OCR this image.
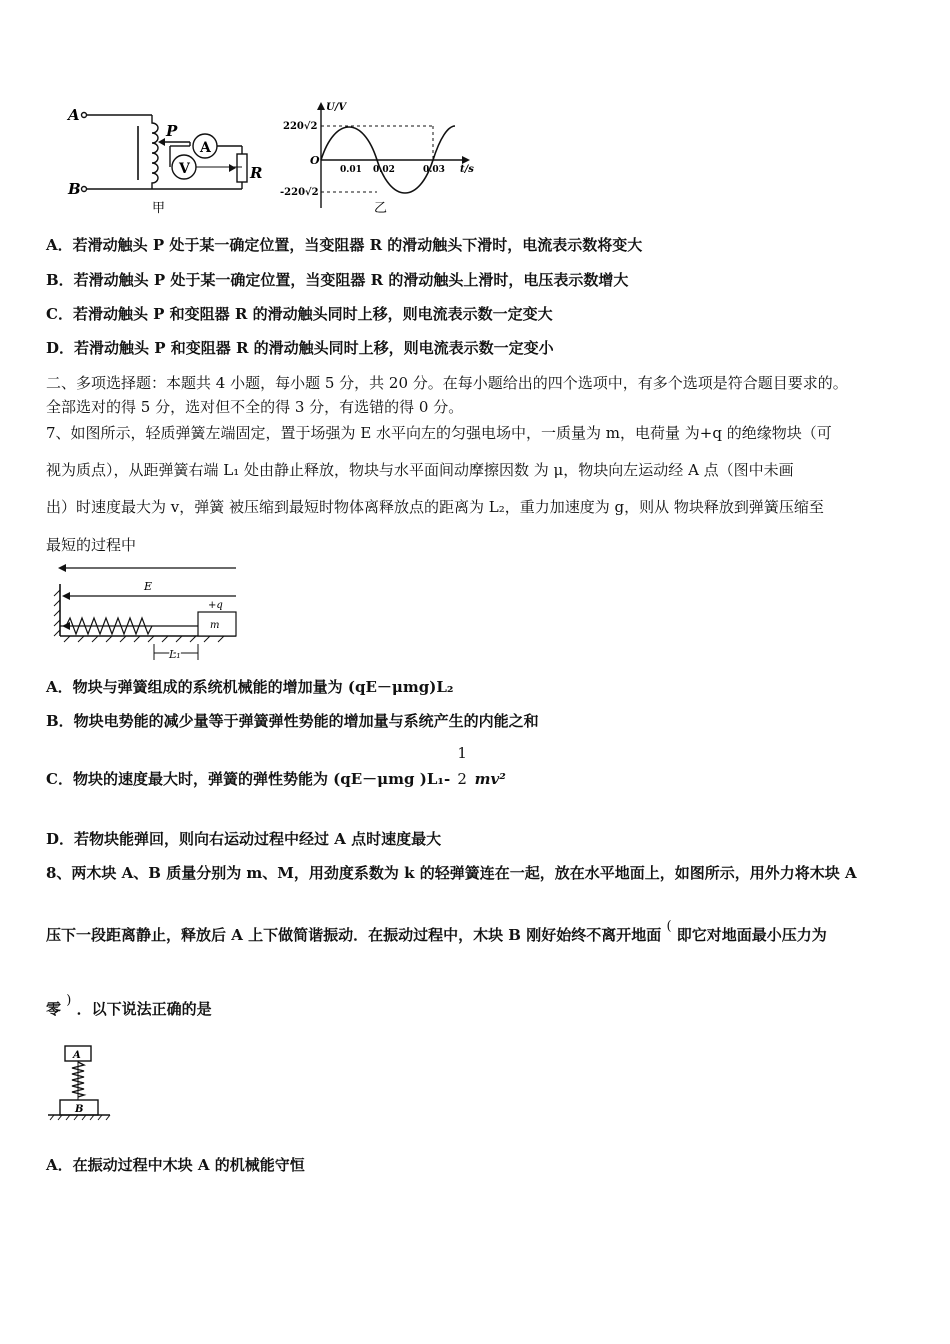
A
B
P
A
R
V
甲
U/V
t/s
O
220√2
-220√2
0.01 0.02	0.03
乙
A．若滑动触头 P 处于某一确定位置，当变阻器 R 的滑动触头下滑时，电流表示数将变大
B．若滑动触头 P 处于某一确定位置，当变阻器 R 的滑动触头上滑时，电压表示数增大
C．若滑动触头 P 和变阻器 R 的滑动触头同时上移，则电流表示数一定变大
D．若滑动触头 P 和变阻器 R 的滑动触头同时上移，则电流表示数一定变小
二、多项选择题：本题共 4 小题，每小题 5 分，共 20 分。在每小题给出的四个选项中，有多个选项是符合题目要求的。
全部选对的得 5 分，选对但不全的得 3 分，有选错的得 0 分。
7、如图所示，轻质弹簧左端固定，置于场强为 E 水平向左的匀强电场中，一质量为 m，电荷量 为+q 的绝缘物块（可
视为质点），从距弹簧右端 L₁ 处由静止释放，物块与水平面间动摩擦因数 为 μ，物块向左运动经 A 点（图中未画
出）时速度最大为 v，弹簧 被压缩到最短时物体离释放点的距离为 L₂，重力加速度为 g，则从 物块释放到弹簧压缩至
最短的过程中
E
+q
m
L₁
A．物块与弹簧组成的系统机械能的增加量为 (qE－μmg)L₂
B．物块电势能的减少量等于弹簧弹性势能的增加量与系统产生的内能之和
C．物块的速度最大时，弹簧的弹性势能为 (qE－μmg )L₁-
1
2 mv²
D．若物块能弹回，则向右运动过程中经过 A 点时速度最大
8、两木块 A、B 质量分别为 m、M，用劲度系数为 k 的轻弹簧连在一起，放在水平地面上，如图所示，用外力将木块 A
压下一段距离静止，释放后 A 上下做简谐振动．在振动过程中，木块 B 刚好始终不离开地面 ( 即它对地面最小压力为
零 ) ．以下说法正确的是
A
B
A．在振动过程中木块 A 的机械能守恒
